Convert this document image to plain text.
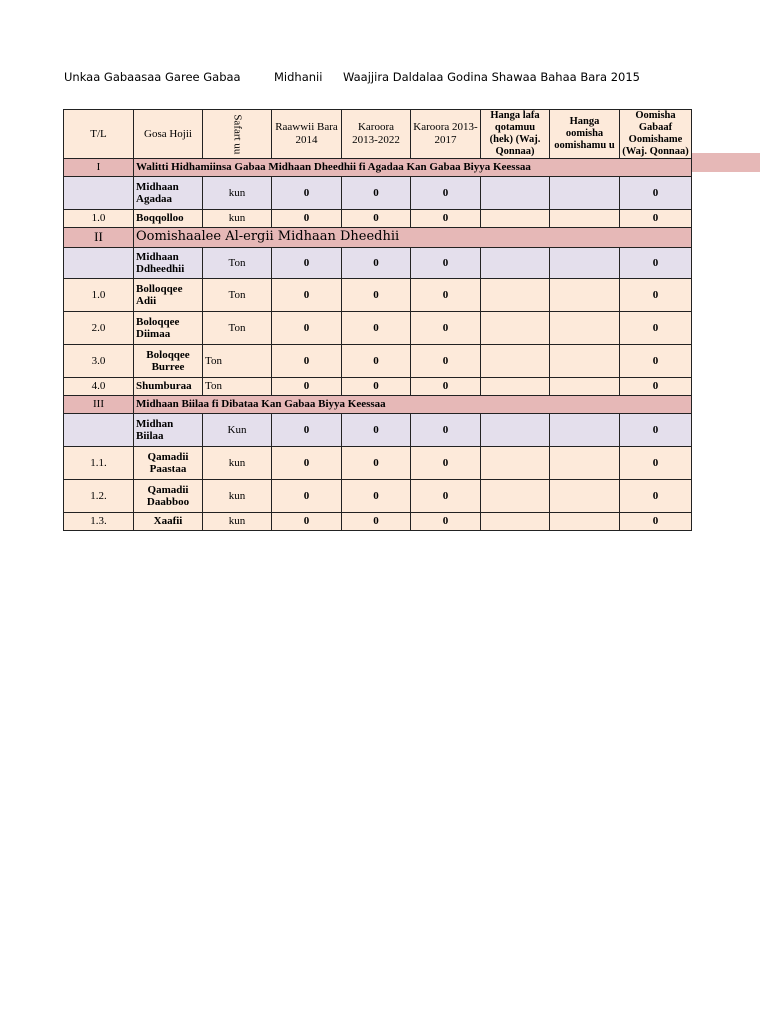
Unkaa Gabaasaa Garee Gabaa	Midhanii Waajjira Daldalaa Godina Shawaa Bahaa Bara 2015
T/L	Gosa Hojii	Safart uu	Raawwii Bara 2014	Karoora 2013-2022	Karoora 2013-2017	Hanga lafa qotamuu (hek) (Waj. Qonnaa)	Hanga oomisha oomishamu u	Oomisha Gabaaf Oomishame (Waj. Qonnaa)
I	Walitti Hidhamiinsa Gabaa Midhaan Dheedhii fi Agadaa Kan Gabaa Biyya Keessaa							
	Midhaan Agadaa	kun	0	0	0			0
1.0	Boqqolloo	kun	0	0	0			0
II	Oomishaalee Al-ergii Midhaan Dheedhii							
	Midhaan Ddheedhii	Ton	0	0	0			0
1.0	Bolloqqee Adii	Ton	0	0	0			0
2.0	Boloqqee Diimaa	Ton	0	0	0			0
3.0	Boloqqee Burree	Ton	0	0	0			0
4.0	Shumburaa	Ton	0	0	0			0
III	Midhaan Biilaa fi Dibataa Kan Gabaa Biyya Keessaa							
	Midhan Biilaa	Kun	0	0	0			0
1.1.	Qamadii Paastaa	kun	0	0	0			0
1.2.	Qamadii Daabboo	kun	0	0	0			0
1.3.	Xaafii	kun	0	0	0			0
